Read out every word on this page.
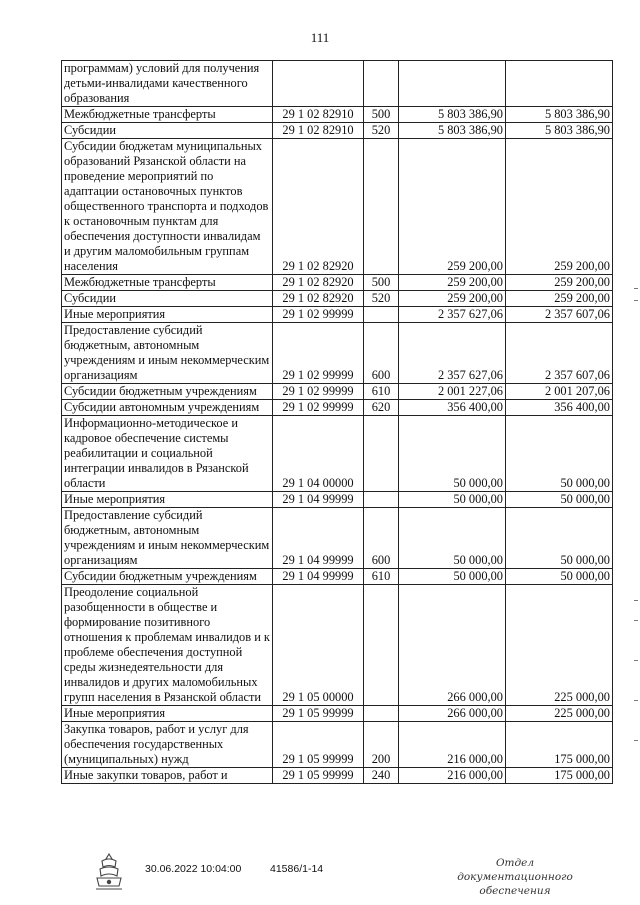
111
программам) условий для получения детьми-инвалидами качественного образования				
Межбюджетные трансферты	29 1 02 82910	500	5 803 386,90	5 803 386,90
Субсидии	29 1 02 82910	520	5 803 386,90	5 803 386,90
Субсидии бюджетам муниципальных образований Рязанской области на проведение мероприятий по адаптации остановочных пунктов общественного транспорта и подходов к остановочным пунктам для обеспечения доступности инвалидам и другим маломобильным группам населения	29 1 02 82920		259 200,00	259 200,00
Межбюджетные трансферты	29 1 02 82920	500	259 200,00	259 200,00
Субсидии	29 1 02 82920	520	259 200,00	259 200,00
Иные мероприятия	29 1 02 99999		2 357 627,06	2 357 607,06
Предоставление субсидий бюджетным, автономным учреждениям и иным некоммерческим организациям	29 1 02 99999	600	2 357 627,06	2 357 607,06
Субсидии бюджетным учреждениям	29 1 02 99999	610	2 001 227,06	2 001 207,06
Субсидии автономным учреждениям	29 1 02 99999	620	356 400,00	356 400,00
Информационно-методическое и кадровое обеспечение системы реабилитации и социальной интеграции инвалидов в Рязанской области	29 1 04 00000		50 000,00	50 000,00
Иные мероприятия	29 1 04 99999		50 000,00	50 000,00
Предоставление субсидий бюджетным, автономным учреждениям и иным некоммерческим организациям	29 1 04 99999	600	50 000,00	50 000,00
Субсидии бюджетным учреждениям	29 1 04 99999	610	50 000,00	50 000,00
Преодоление социальной разобщенности в обществе и формирование позитивного отношения к проблемам инвалидов и к проблеме обеспечения доступной среды жизнедеятельности для инвалидов и других маломобильных групп населения в Рязанской области	29 1 05 00000		266 000,00	225 000,00
Иные мероприятия	29 1 05 99999		266 000,00	225 000,00
Закупка товаров, работ и услуг для обеспечения государственных (муниципальных) нужд	29 1 05 99999	200	216 000,00	175 000,00
Иные закупки товаров, работ и	29 1 05 99999	240	216 000,00	175 000,00
30.06.2022 10:04:00	41586/1-14	Отдел документационного
обеспечения
